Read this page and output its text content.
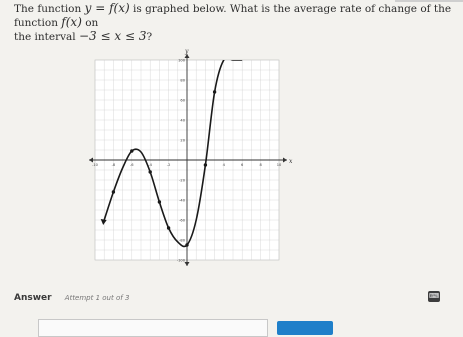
The function y = f(x) is graphed below. What is the average rate of change of the function f(x) on
the interval −3 ≤ x ≤ 3?
x
y
-10	-8	-6	-4	-2	4	6	8	10
100
80
60
40
20
-20
-40
-60
-80
-100
Answer Attempt 1 out of 3	⌨
